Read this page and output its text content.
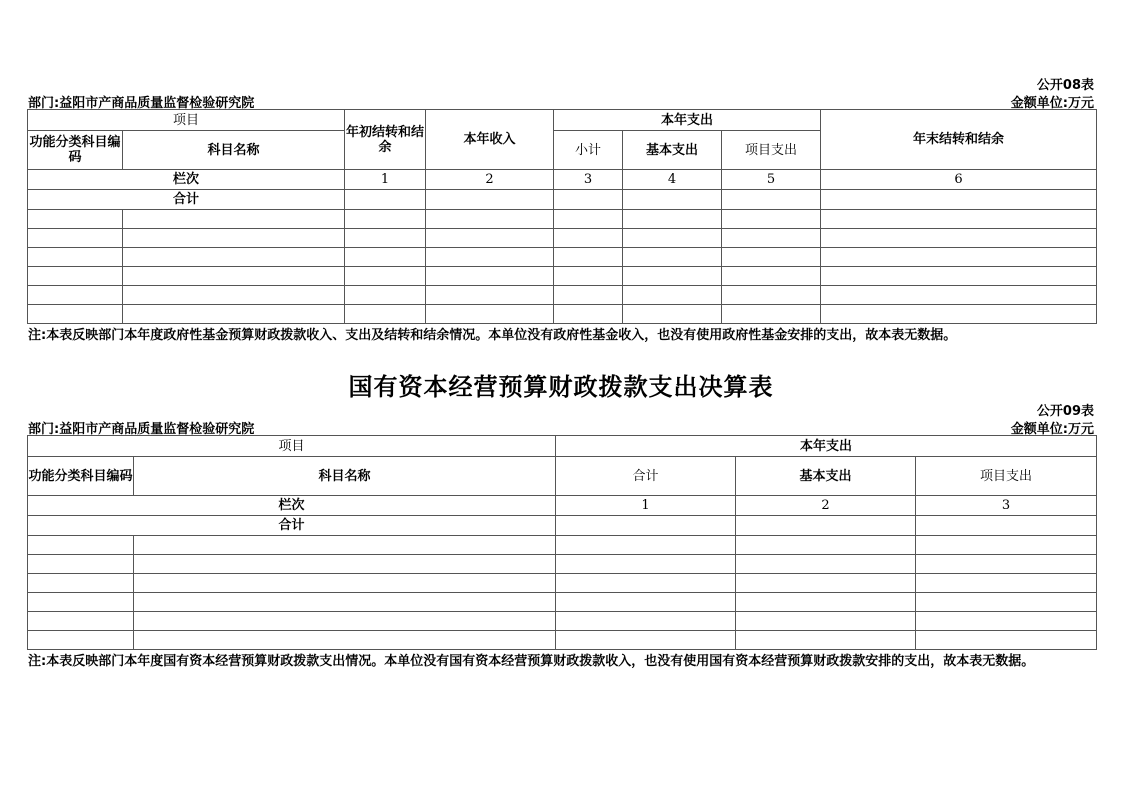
公开08表
部门:益阳市产商品质量监督检验研究院	金额单位:万元
项目		年初结转和结余	本年收入	本年支出			年末结转和结余
功能分类科目编码	科目名称			小计	基本支出	项目支出	
栏次		1	2	3	4	5	6
合计							

注:本表反映部门本年度政府性基金预算财政拨款收入、支出及结转和结余情况。本单位没有政府性基金收入，也没有使用政府性基金安排的支出，故本表无数据。
国有资本经营预算财政拨款支出决算表
公开09表
部门:益阳市产商品质量监督检验研究院	金额单位:万元
项目		本年支出		
功能分类科目编码	科目名称	合计	基本支出	项目支出
栏次		1	2	3
合计				

注:本表反映部门本年度国有资本经营预算财政拨款支出情况。本单位没有国有资本经营预算财政拨款收入，也没有使用国有资本经营预算财政拨款安排的支出，故本表无数据。
